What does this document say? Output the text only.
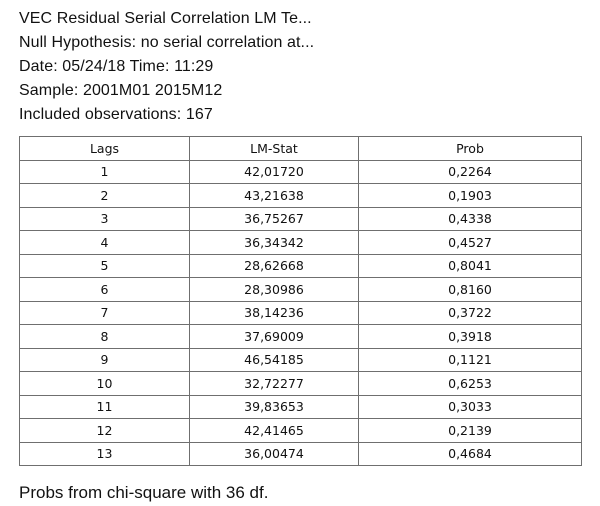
VEC Residual Serial Correlation LM Te...
Null Hypothesis: no serial correlation at...
Date: 05/24/18 Time: 11:29
Sample: 2001M01 2015M12
Included observations: 167
Lags	LM-Stat	Prob
1	42,01720	0,2264
2	43,21638	0,1903
3	36,75267	0,4338
4	36,34342	0,4527
5	28,62668	0,8041
6	28,30986	0,8160
7	38,14236	0,3722
8	37,69009	0,3918
9	46,54185	0,1121
10	32,72277	0,6253
11	39,83653	0,3033
12	42,41465	0,2139
13	36,00474	0,4684
Probs from chi-square with 36 df.
